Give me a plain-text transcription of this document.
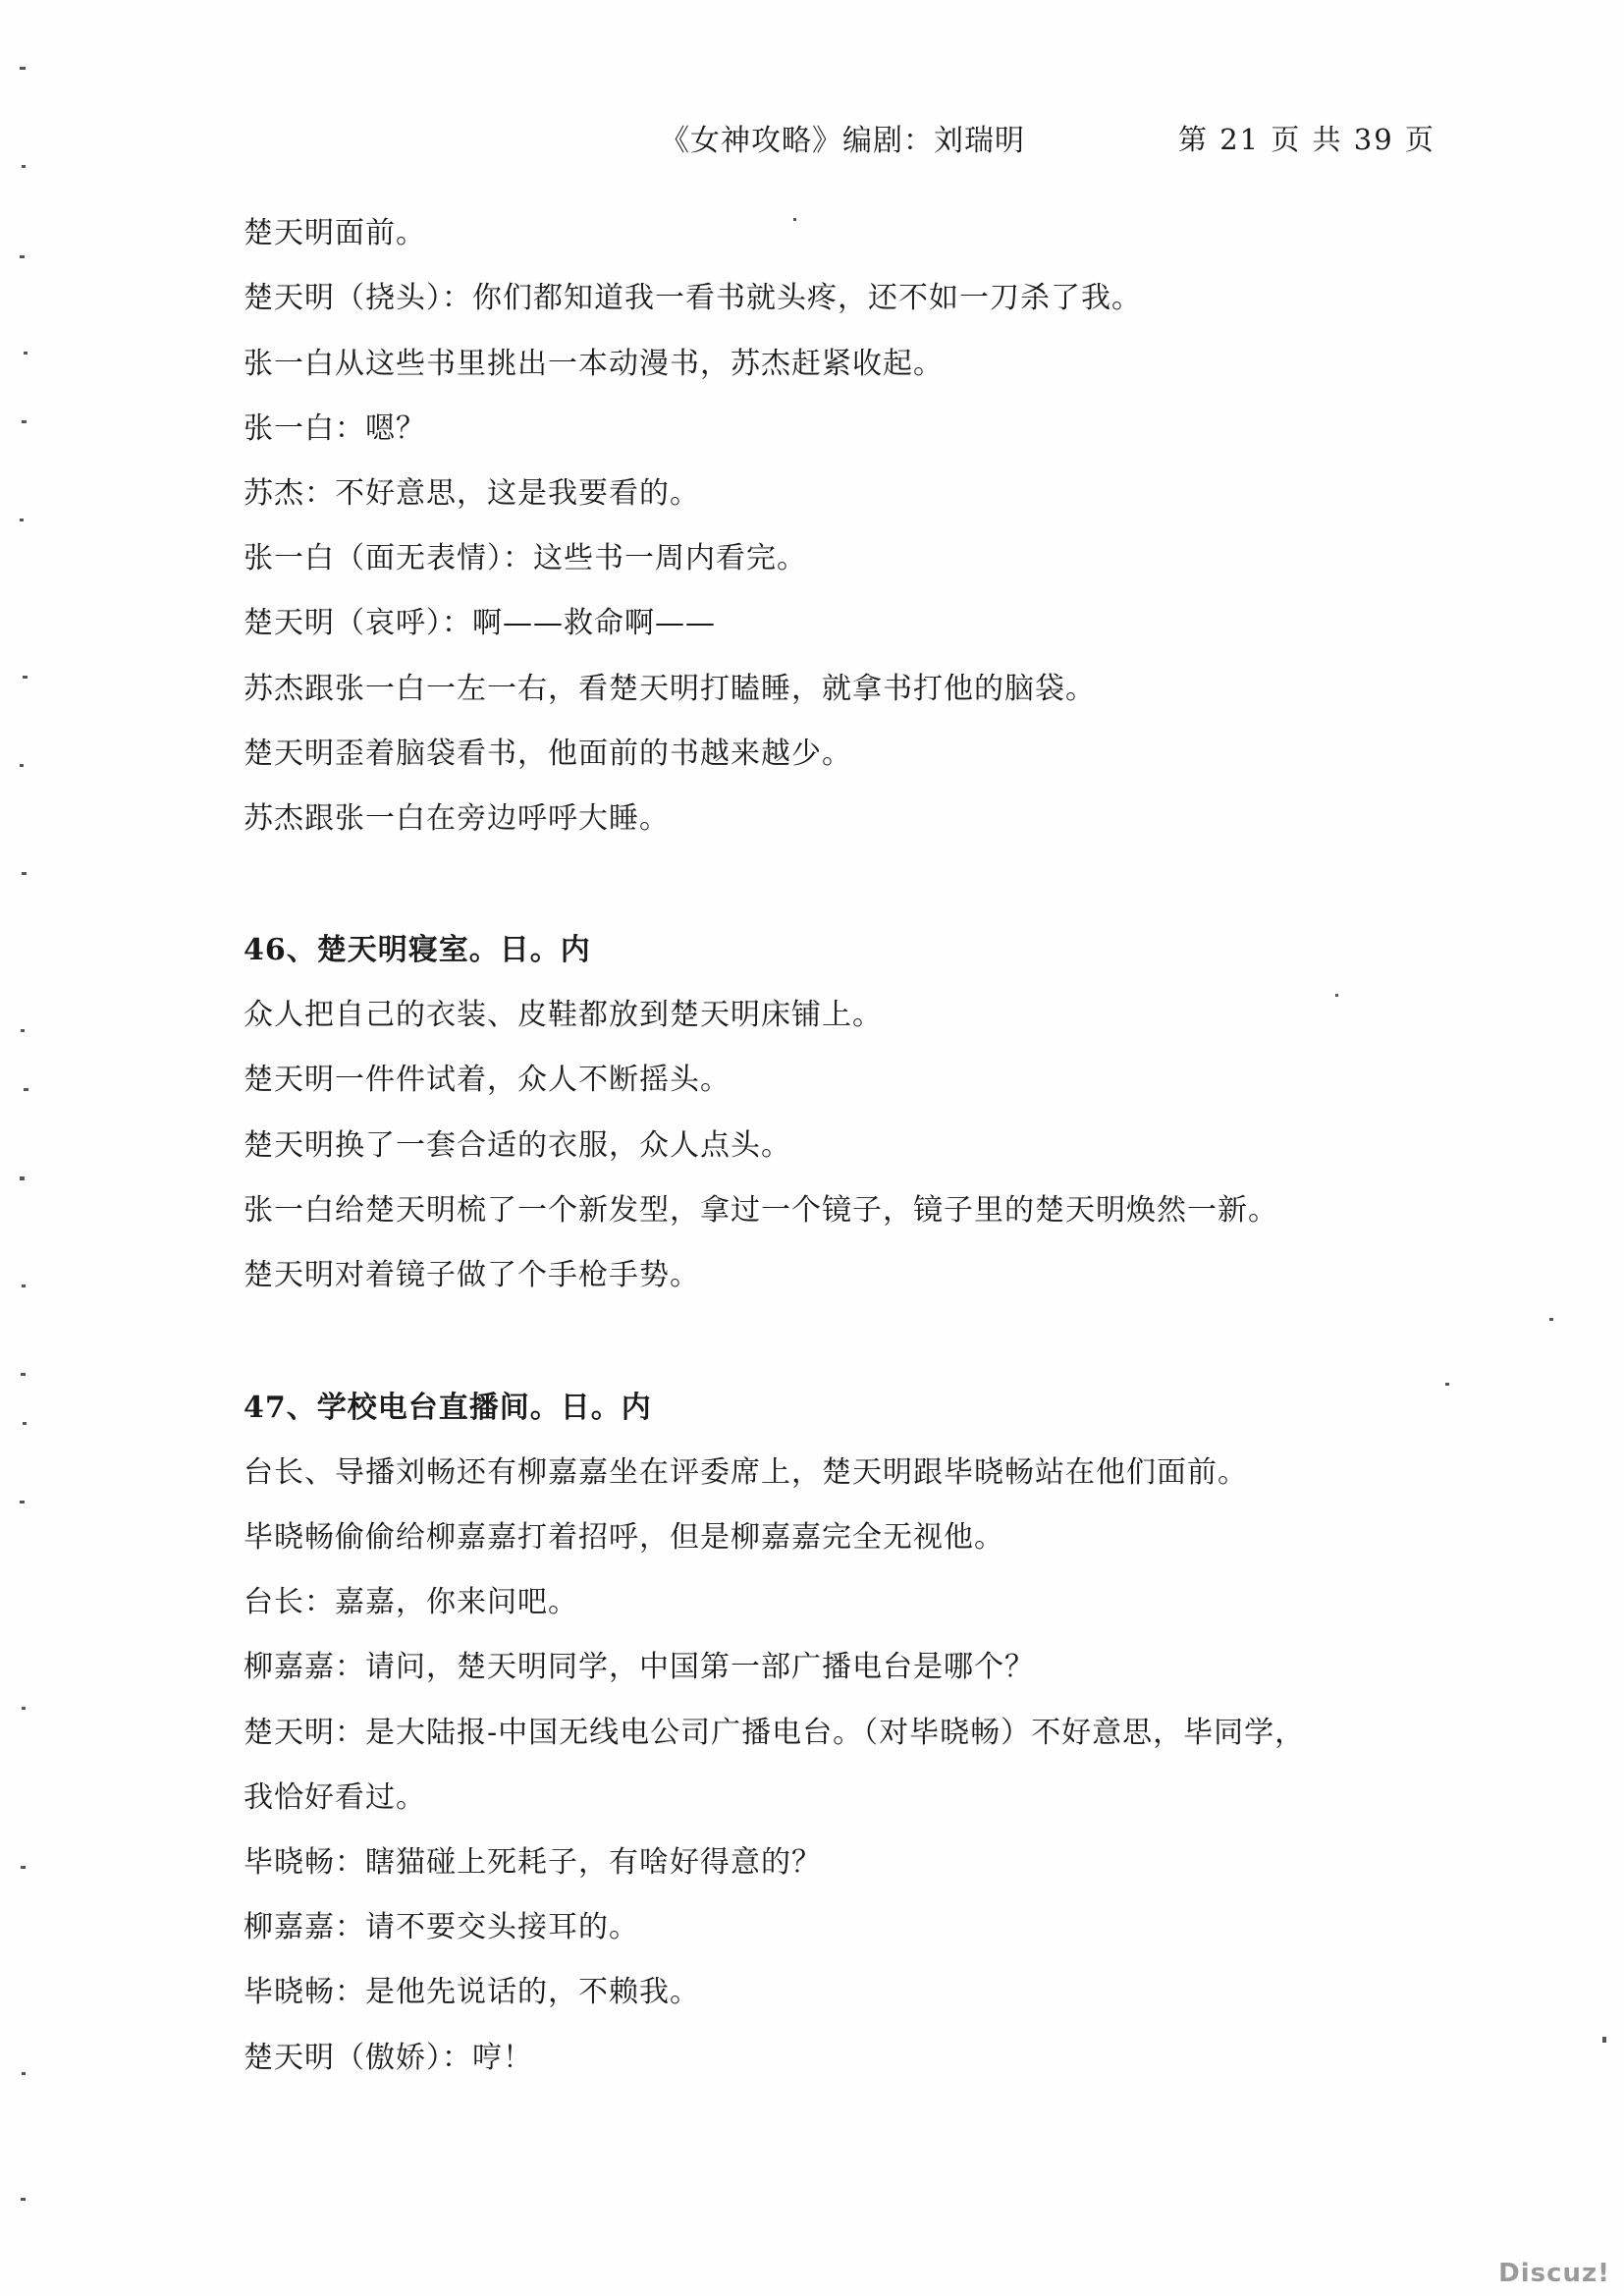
《女神攻略》编剧：刘瑞明	第 21 页 共 39 页
楚天明面前。
楚天明（挠头）：你们都知道我一看书就头疼，还不如一刀杀了我。
张一白从这些书里挑出一本动漫书，苏杰赶紧收起。
张一白：嗯？
苏杰：不好意思，这是我要看的。
张一白（面无表情）：这些书一周内看完。
楚天明（哀呼）：啊——救命啊——
苏杰跟张一白一左一右，看楚天明打瞌睡，就拿书打他的脑袋。
楚天明歪着脑袋看书，他面前的书越来越少。
苏杰跟张一白在旁边呼呼大睡。
46、楚天明寝室。日。内
众人把自己的衣装、皮鞋都放到楚天明床铺上。
楚天明一件件试着，众人不断摇头。
楚天明换了一套合适的衣服，众人点头。
张一白给楚天明梳了一个新发型，拿过一个镜子，镜子里的楚天明焕然一新。
楚天明对着镜子做了个手枪手势。
47、学校电台直播间。日。内
台长、导播刘畅还有柳嘉嘉坐在评委席上，楚天明跟毕晓畅站在他们面前。
毕晓畅偷偷给柳嘉嘉打着招呼，但是柳嘉嘉完全无视他。
台长：嘉嘉，你来问吧。
柳嘉嘉：请问，楚天明同学，中国第一部广播电台是哪个？
楚天明：是大陆报-中国无线电公司广播电台。（对毕晓畅）不好意思，毕同学，
我恰好看过。
毕晓畅：瞎猫碰上死耗子，有啥好得意的？
柳嘉嘉：请不要交头接耳的。
毕晓畅：是他先说话的，不赖我。
楚天明（傲娇）：哼！
Discuz!
